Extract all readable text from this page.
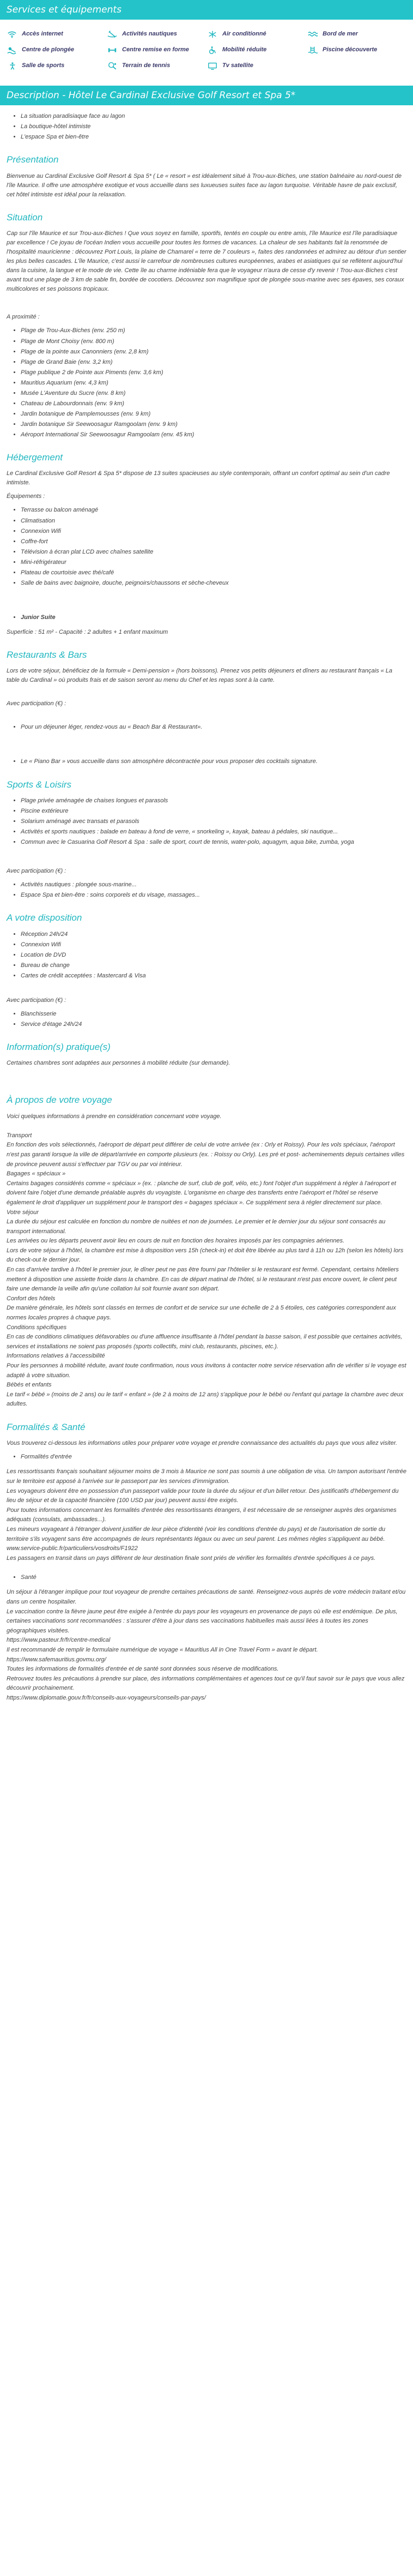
Services et équipements
Accès internet	Activités nautiques	Air conditionné	Bord de mer
Centre de plongée	Centre remise en forme	Mobilité réduite	Piscine découverte
Salle de sports	Terrain de tennis	Tv satellite
Description - Hôtel Le Cardinal Exclusive Golf Resort et Spa 5*
• La situation paradisiaque face au lagon
• La boutique-hôtel intimiste
• L'espace Spa et bien-être
Présentation

Bienvenue au Cardinal Exclusive Golf Resort & Spa 5* ( Le « resort » est idéalement situé à Trou-aux-Biches, une station balnéaire au nord-ouest de l'île Maurice. Il offre une atmosphère exotique et vous accueille dans ses luxueuses suites face au lagon turquoise. Véritable havre de paix exclusif, cet hôtel intimiste est idéal pour la relaxation.

Situation

Cap sur l'île Maurice et sur Trou-aux-Biches ! Que vous soyez en famille, sportifs, tentés en couple ou entre amis, l'île Maurice est l'île paradisiaque par excellence ! Ce joyau de l'océan Indien vous accueille pour toutes les formes de vacances. La chaleur de ses habitants fait la renommée de l'hospitalité mauricienne : découvrez Port Louis, la plaine de Chamarel « terre de 7 couleurs », faites des randonnées et admirez au détour d'un sentier les plus belles cascades. L'île Maurice, c'est aussi le carrefour de nombreuses cultures européennes, arabes et asiatiques qui se reflètent aujourd'hui dans la cuisine, la langue et le mode de vie. Cette île au charme indéniable fera que le voyageur n'aura de cesse d'y revenir ! Trou-aux-Biches c'est avant tout une plage de 3 km de sable fin, bordée de cocotiers. Découvrez son magnifique spot de plongée sous-marine avec ses épaves, ses coraux multicolores et ses poissons tropicaux.

A proximité :

• Plage de Trou-Aux-Biches (env. 250 m)
• Plage de Mont Choisy (env. 800 m)
• Plage de la pointe aux Canonniers (env. 2,8 km)
• Plage de Grand Baie (env. 3,2 km)
• Plage publique 2 de Pointe aux Piments (env. 3,6 km)
• Mauritius Aquarium (env. 4,3 km)
• Musée L'Aventure du Sucre (env. 8 km)
• Chateau de Labourdonnais (env. 9 km)
• Jardin botanique de Pamplemousses (env. 9 km)
• Jardin botanique Sir Seewoosagur Ramgoolam (env. 9 km)
• Aéroport International Sir Seewoosagur Ramgoolam (env. 45 km)
Hébergement

Le Cardinal Exclusive Golf Resort & Spa 5* dispose de 13 suites spacieuses au style contemporain, offrant un confort optimal au sein d'un cadre intimiste.

Équipements :

• Terrasse ou balcon aménagé
• Climatisation
• Connexion Wifi
• Coffre-fort
• Télévision à écran plat LCD avec chaînes satellite
• Mini-réfrigérateur
• Plateau de courtoisie avec thé/café
• Salle de bains avec baignoire, douche, peignoirs/chaussons et sèche-cheveux
• Junior Suite

Superficie : 51 m² - Capacité : 2 adultes + 1 enfant maximum

Restaurants & Bars

Lors de votre séjour, bénéficiez de la formule « Demi-pension » (hors boissons). Prenez vos petits déjeuners et dîners au restaurant français « La table du Cardinal » où produits frais et de saison seront au menu du Chef et les repas sont à la carte.

Avec participation (€) :

• Pour un déjeuner léger, rendez-vous au « Beach Bar & Restaurant».
• Le « Piano Bar » vous accueille dans son atmosphère décontractée pour vous proposer des cocktails signature.
Sports & Loisirs
• Plage privée aménagée de chaises longues et parasols
• Piscine extérieure
• Solarium aménagé avec transats et parasols
• Activités et sports nautiques : balade en bateau à fond de verre, « snorkeling », kayak, bateau à pédales, ski nautique...
• Commun avec le Casuarina Golf Resort & Spa : salle de sport, court de tennis, water-polo, aquagym, aqua bike, zumba, yoga

Avec participation (€) :

• Activités nautiques : plongée sous-marine...
• Espace Spa et bien-être : soins corporels et du visage, massages...
A votre disposition
• Réception 24h/24
• Connexion Wifi
• Location de DVD
• Bureau de change
• Cartes de crédit acceptées : Mastercard & Visa

Avec participation (€) :

• Blanchisserie
• Service d'étage 24h/24
Information(s) pratique(s)

Certaines chambres sont adaptées aux personnes à mobilité réduite (sur demande).

À propos de votre voyage

Voici quelques informations à prendre en considération concernant votre voyage.

Transport
En fonction des vols sélectionnés, l'aéroport de départ peut différer de celui de votre arrivée (ex : Orly et Roissy). Pour les vols spéciaux, l'aéroport n'est pas garanti lorsque la ville de départ/arrivée en comporte plusieurs (ex. : Roissy ou Orly). Les pré et post- acheminements depuis certaines villes de province peuvent aussi s'effectuer par TGV ou par voi intérieur.
Bagages « spéciaux »
Certains bagages considérés comme « spéciaux » (ex. : planche de surf, club de golf, vélo, etc.) font l'objet d'un supplément à régler à l'aéroport et doivent faire l'objet d'une demande préalable auprès du voyagiste. L'organisme en charge des transferts entre l'aéroport et l'hôtel se réserve également le droit d'appliquer un supplément pour le transport des « bagages spéciaux ». Ce supplément sera à régler directement sur place.
Votre séjour
La durée du séjour est calculée en fonction du nombre de nuitées et non de journées. Le premier et le dernier jour du séjour sont consacrés au transport international.
Les arrivées ou les départs peuvent avoir lieu en cours de nuit en fonction des horaires imposés par les compagnies aériennes.
Lors de votre séjour à l'hôtel, la chambre est mise à disposition vers 15h (check-in) et doit être libérée au plus tard à 11h ou 12h (selon les hôtels) lors du check-out le dernier jour.
En cas d'arrivée tardive à l'hôtel le premier jour, le dîner peut ne pas être fourni par l'hôtelier si le restaurant est fermé. Cependant, certains hôteliers mettent à disposition une assiette froide dans la chambre. En cas de départ matinal de l'hôtel, si le restaurant n'est pas encore ouvert, le client peut faire une demande la veille afin qu'une collation lui soit fournie avant son départ.
Confort des hôtels
De manière générale, les hôtels sont classés en termes de confort et de service sur une échelle de 2 à 5 étoiles, ces catégories correspondent aux normes locales propres à chaque pays.
Conditions spécifiques
En cas de conditions climatiques défavorables ou d'une affluence insuffisante à l'hôtel pendant la basse saison, il est possible que certaines activités, services et installations ne soient pas proposés (sports collectifs, mini club, restaurants, piscines, etc.).
Informations relatives à l'accessibilité
Pour les personnes à mobilité réduite, avant toute confirmation, nous vous invitons à contacter notre service réservation afin de vérifier si le voyage est adapté à votre situation.
Bébés et enfants
Le tarif « bébé » (moins de 2 ans) ou le tarif « enfant » (de 2 à moins de 12 ans) s'applique pour le bébé ou l'enfant qui partage la chambre avec deux adultes.
Formalités & Santé

Vous trouverez ci-dessous les informations utiles pour préparer votre voyage et prendre connaissance des actualités du pays que vous allez visiter.

• Formalités d'entrée
Les ressortissants français souhaitant séjourner moins de 3 mois à Maurice ne sont pas soumis à une obligation de visa. Un tampon autorisant l'entrée sur le territoire est apposé à l'arrivée sur le passeport par les services d'immigration.
Les voyageurs doivent être en possession d'un passeport valide pour toute la durée du séjour et d'un billet retour. Des justificatifs d'hébergement du lieu de séjour et de la capacité financière (100 USD par jour) peuvent aussi être exigés.
Pour toutes informations concernant les formalités d'entrée des ressortissants étrangers, il est nécessaire de se renseigner auprès des organismes adéquats (consulats, ambassades...).
Les mineurs voyageant à l'étranger doivent justifier de leur pièce d'identité (voir les conditions d'entrée du pays) et de l'autorisation de sortie du territoire s'ils voyagent sans être accompagnés de leurs représentants légaux ou avec un seul parent. Les mêmes règles s'appliquent au bébé.
www.service-public.fr/particuliers/vosdroits/F1922
Les passagers en transit dans un pays différent de leur destination finale sont priés de vérifier les formalités d'entrée spécifiques à ce pays.
• Santé
Un séjour à l'étranger implique pour tout voyageur de prendre certaines précautions de santé. Renseignez-vous auprès de votre médecin traitant et/ou dans un centre hospitalier.
Le vaccination contre la fièvre jaune peut être exigée à l'entrée du pays pour les voyageurs en provenance de pays où elle est endémique. De plus, certaines vaccinations sont recommandées : s'assurer d'être à jour dans ses vaccinations habituelles mais aussi liées à toutes les zones géographiques visitées.
https://www.pasteur.fr/fr/centre-medical
Il est recommandé de remplir le formulaire numérique de voyage « Mauritius All in One Travel Form » avant le départ. https://www.safemauritius.govmu.org/
Toutes les informations de formalités d'entrée et de santé sont données sous réserve de modifications.
Retrouvez toutes les précautions à prendre sur place, des informations complémentaires et agences tout ce qu'il faut savoir sur le pays que vous allez découvrir prochainement.
https://www.diplomatie.gouv.fr/fr/conseils-aux-voyageurs/conseils-par-pays/
